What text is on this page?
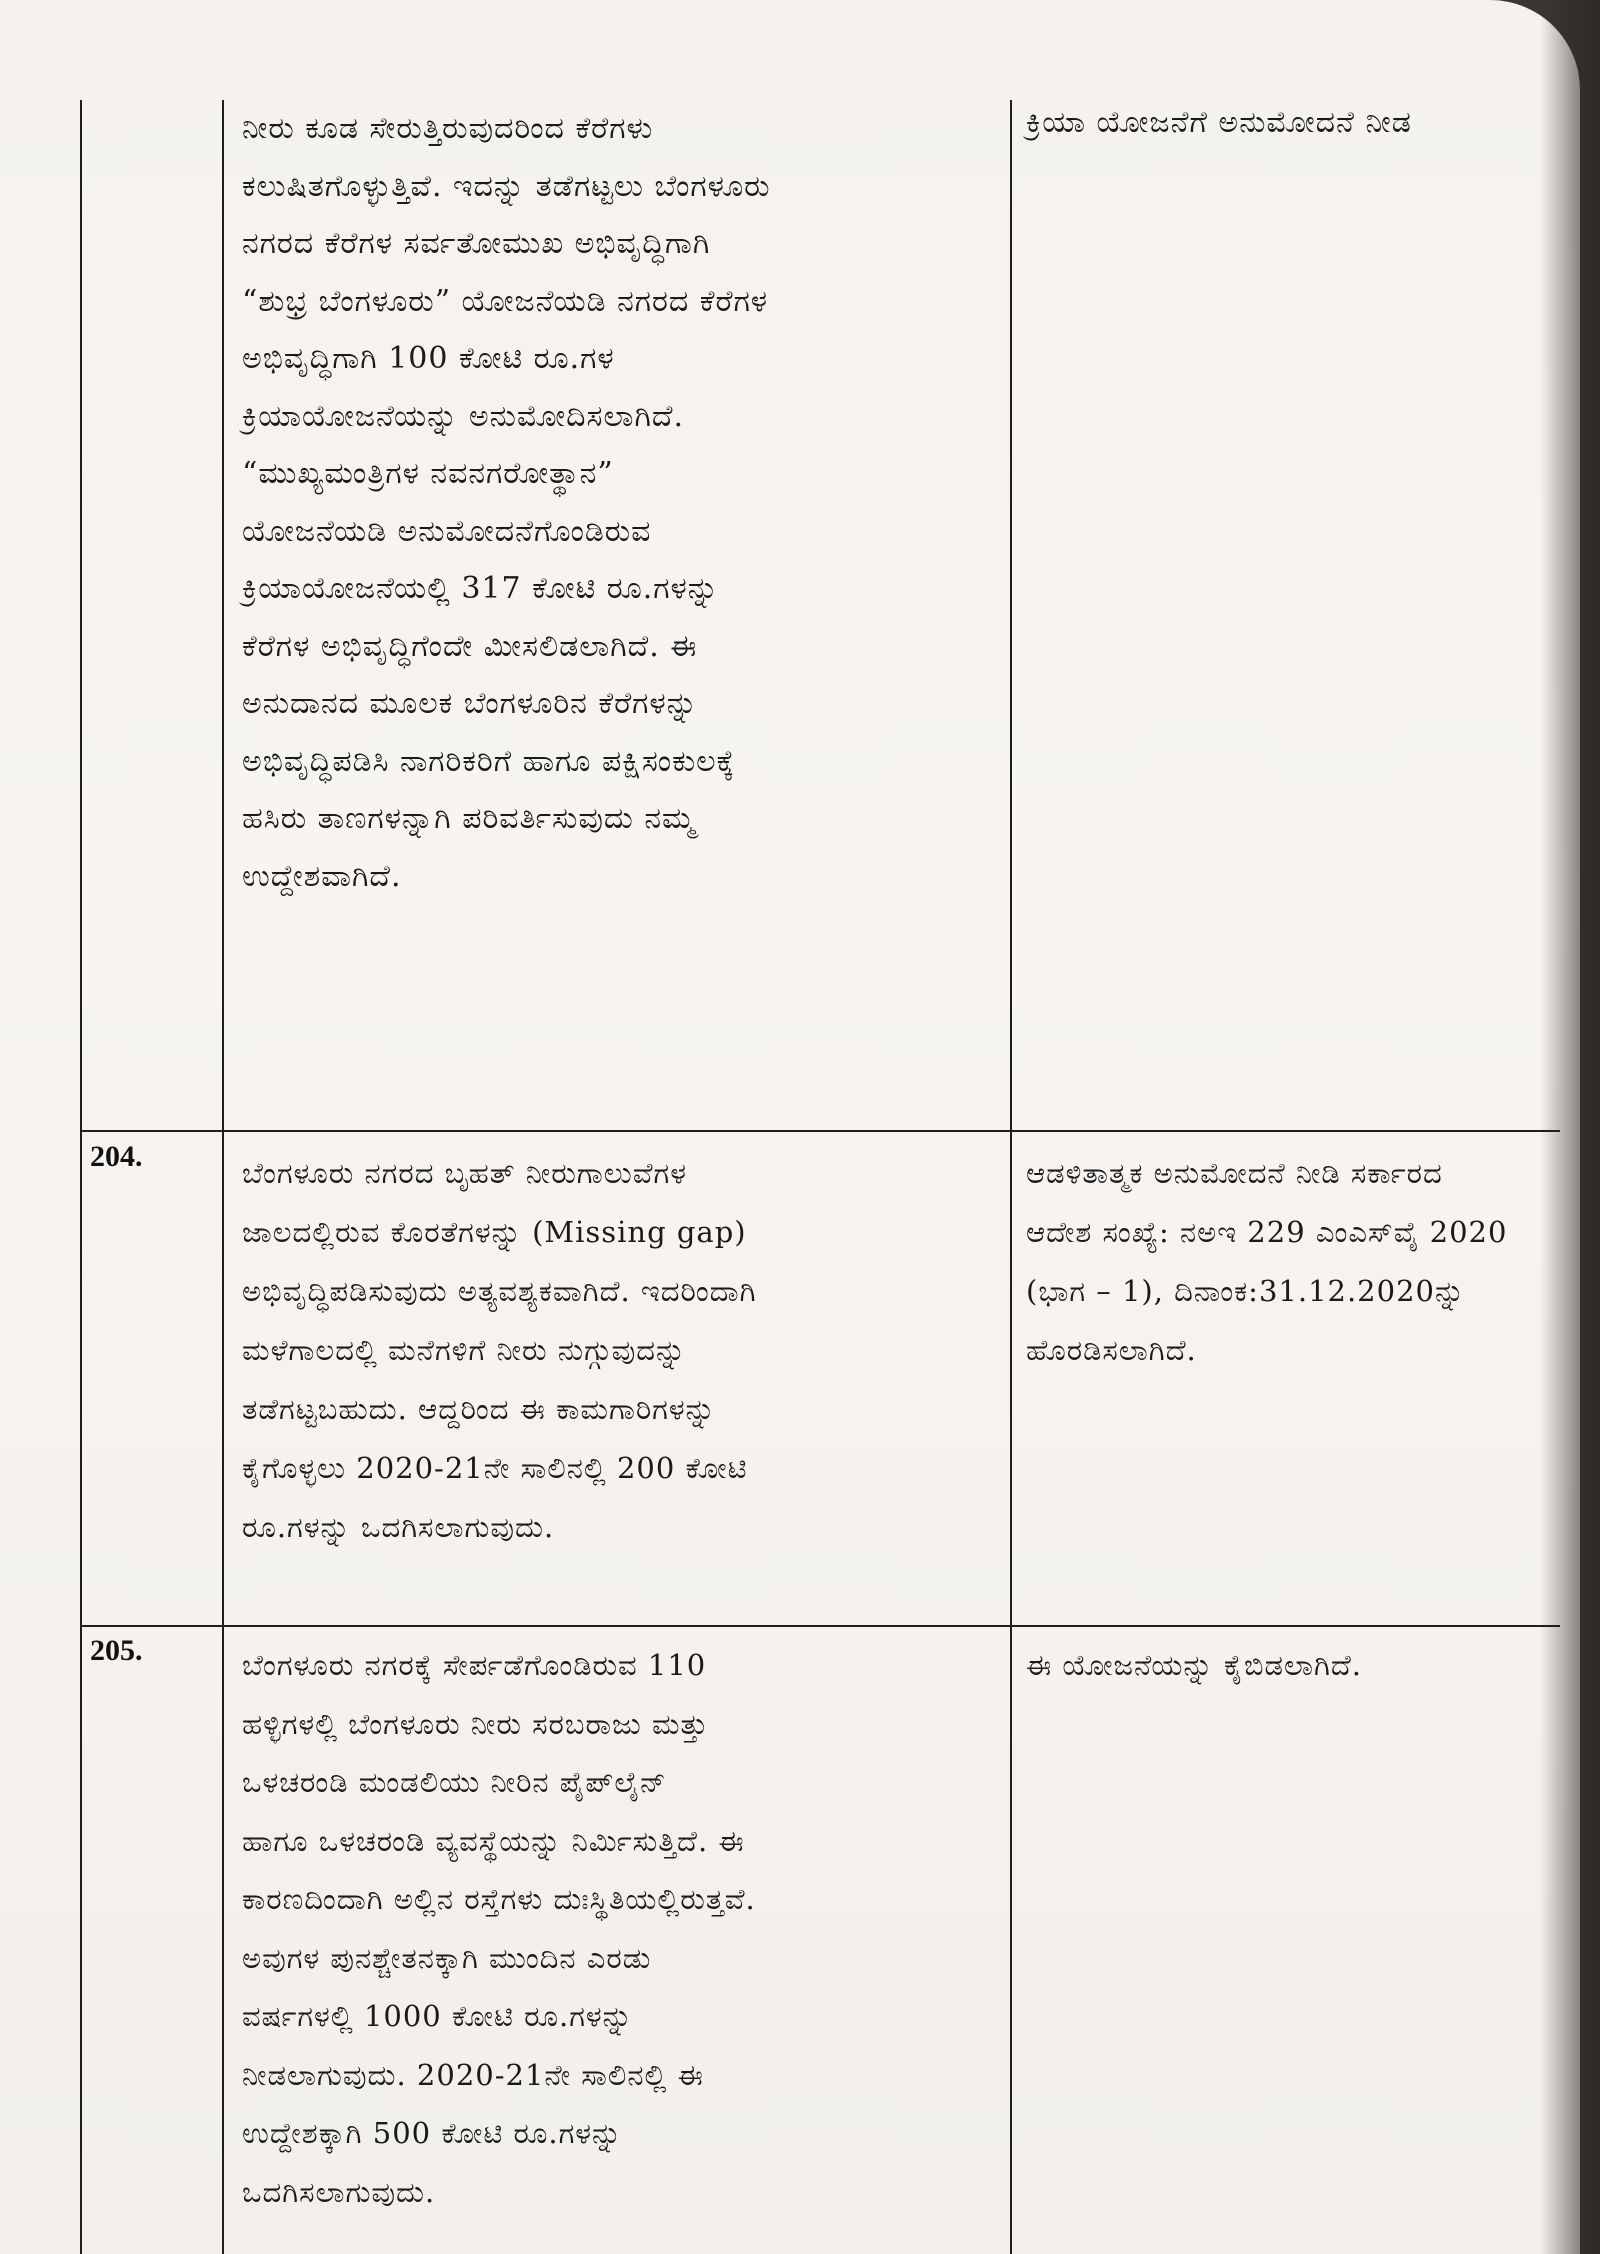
ನೀರು ಕೂಡ ಸೇರುತ್ತಿರುವುದರಿಂದ ಕೆರೆಗಳು
ಕಲುಷಿತಗೊಳ್ಳುತ್ತಿವೆ. ಇದನ್ನು ತಡೆಗಟ್ಟಲು ಬೆಂಗಳೂರು
ನಗರದ ಕೆರೆಗಳ ಸರ್ವತೋಮುಖ ಅಭಿವೃದ್ಧಿಗಾಗಿ
“ಶುಭ್ರ ಬೆಂಗಳೂರು” ಯೋಜನೆಯಡಿ ನಗರದ ಕೆರೆಗಳ
ಅಭಿವೃದ್ಧಿಗಾಗಿ 100 ಕೋಟಿ ರೂ.ಗಳ
ಕ್ರಿಯಾಯೋಜನೆಯನ್ನು ಅನುಮೋದಿಸಲಾಗಿದೆ.
“ಮುಖ್ಯಮಂತ್ರಿಗಳ ನವನಗರೋತ್ಥಾನ”
ಯೋಜನೆಯಡಿ ಅನುಮೋದನೆಗೊಂಡಿರುವ
ಕ್ರಿಯಾಯೋಜನೆಯಲ್ಲಿ 317 ಕೋಟಿ ರೂ.ಗಳನ್ನು
ಕೆರೆಗಳ ಅಭಿವೃದ್ಧಿಗೆಂದೇ ಮೀಸಲಿಡಲಾಗಿದೆ. ಈ
ಅನುದಾನದ ಮೂಲಕ ಬೆಂಗಳೂರಿನ ಕೆರೆಗಳನ್ನು
ಅಭಿವೃದ್ಧಿಪಡಿಸಿ ನಾಗರಿಕರಿಗೆ ಹಾಗೂ ಪಕ್ಷಿಸಂಕುಲಕ್ಕೆ
ಹಸಿರು ತಾಣಗಳನ್ನಾಗಿ ಪರಿವರ್ತಿಸುವುದು ನಮ್ಮ
ಉದ್ದೇಶವಾಗಿದೆ.
ಕ್ರಿಯಾ ಯೋಜನೆಗೆ ಅನುಮೋದನೆ ನೀಡ
204.	ಬೆಂಗಳೂರು ನಗರದ ಬೃಹತ್ ನೀರುಗಾಲುವೆಗಳ
ಜಾಲದಲ್ಲಿರುವ ಕೊರತೆಗಳನ್ನು (Missing gap)
ಅಭಿವೃದ್ಧಿಪಡಿಸುವುದು ಅತ್ಯವಶ್ಯಕವಾಗಿದೆ. ಇದರಿಂದಾಗಿ
ಮಳೆಗಾಲದಲ್ಲಿ ಮನೆಗಳಿಗೆ ನೀರು ನುಗ್ಗುವುದನ್ನು
ತಡೆಗಟ್ಟಬಹುದು. ಆದ್ದರಿಂದ ಈ ಕಾಮಗಾರಿಗಳನ್ನು
ಕೈಗೊಳ್ಳಲು 2020-21ನೇ ಸಾಲಿನಲ್ಲಿ 200 ಕೋಟಿ
ರೂ.ಗಳನ್ನು ಒದಗಿಸಲಾಗುವುದು.
ಆಡಳಿತಾತ್ಮಕ ಅನುಮೋದನೆ ನೀಡಿ ಸರ್ಕಾರದ
ಆದೇಶ ಸಂಖ್ಯೆ: ನಅಇ 229 ಎಂಎಸ್‌ವೈ 2020
(ಭಾಗ – 1), ದಿನಾಂಕ:31.12.2020ನ್ನು
ಹೊರಡಿಸಲಾಗಿದೆ.
205.	ಬೆಂಗಳೂರು ನಗರಕ್ಕೆ ಸೇರ್ಪಡೆಗೊಂಡಿರುವ 110
ಹಳ್ಳಿಗಳಲ್ಲಿ ಬೆಂಗಳೂರು ನೀರು ಸರಬರಾಜು ಮತ್ತು
ಒಳಚರಂಡಿ ಮಂಡಲಿಯು ನೀರಿನ ಪೈಪ್‌ಲೈನ್
ಹಾಗೂ ಒಳಚರಂಡಿ ವ್ಯವಸ್ಥೆಯನ್ನು ನಿರ್ಮಿಸುತ್ತಿದೆ. ಈ
ಕಾರಣದಿಂದಾಗಿ ಅಲ್ಲಿನ ರಸ್ತೆಗಳು ದುಃಸ್ಥಿತಿಯಲ್ಲಿರುತ್ತವೆ.
ಅವುಗಳ ಪುನಶ್ಚೇತನಕ್ಕಾಗಿ ಮುಂದಿನ ಎರಡು
ವರ್ಷಗಳಲ್ಲಿ 1000 ಕೋಟಿ ರೂ.ಗಳನ್ನು
ನೀಡಲಾಗುವುದು. 2020-21ನೇ ಸಾಲಿನಲ್ಲಿ ಈ
ಉದ್ದೇಶಕ್ಕಾಗಿ 500 ಕೋಟಿ ರೂ.ಗಳನ್ನು
ಒದಗಿಸಲಾಗುವುದು.
ಈ ಯೋಜನೆಯನ್ನು ಕೈಬಿಡಲಾಗಿದೆ.
